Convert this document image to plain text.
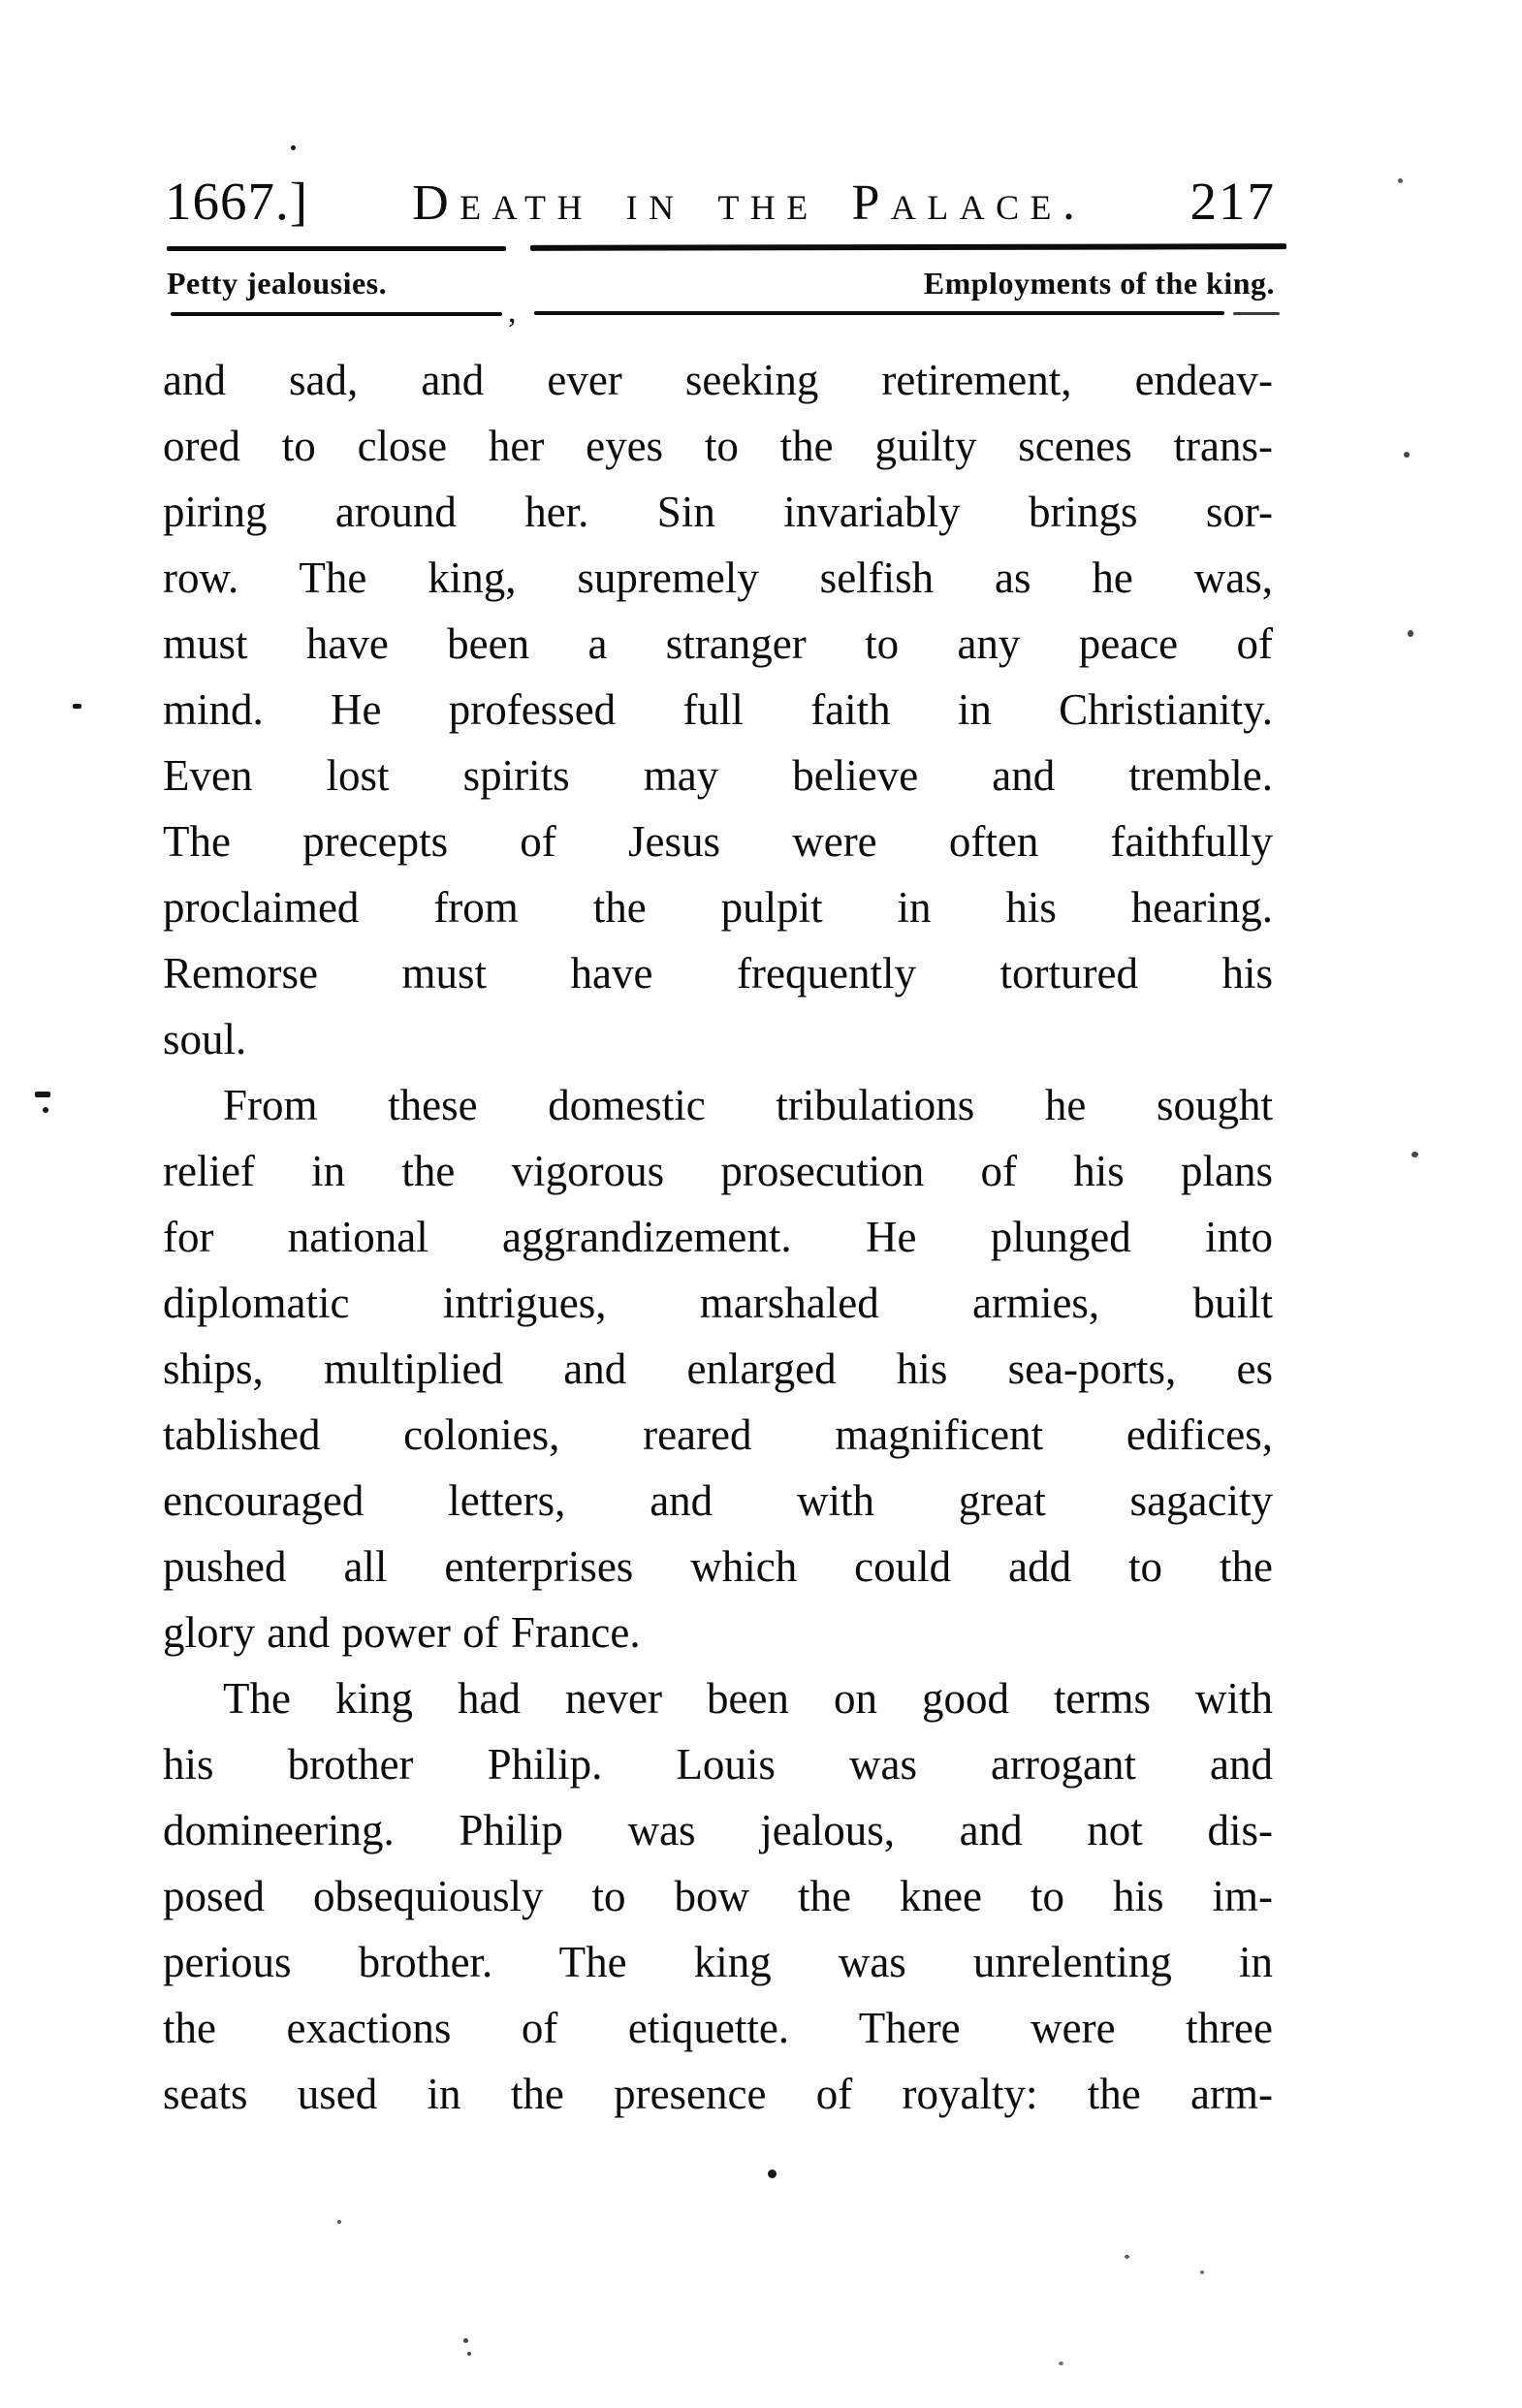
1667.] Death in the Palace. 217
Petty jealousies.	Employments of the king.
,
and sad, and ever seeking retirement, endeav-
ored to close her eyes to the guilty scenes trans-
piring around her. Sin invariably brings sor-
row. The king, supremely selfish as he was,
must have been a stranger to any peace of
mind. He professed full faith in Christianity.
Even lost spirits may believe and tremble.
The precepts of Jesus were often faithfully
proclaimed from the pulpit in his hearing.
Remorse must have frequently tortured his
soul.
From these domestic tribulations he sought
relief in the vigorous prosecution of his plans
for national aggrandizement. He plunged into
diplomatic intrigues, marshaled armies, built
ships, multiplied and enlarged his sea-ports, es
tablished colonies, reared magnificent edifices,
encouraged letters, and with great sagacity
pushed all enterprises which could add to the
glory and power of France.
The king had never been on good terms with
his brother Philip. Louis was arrogant and
domineering. Philip was jealous, and not dis-
posed obsequiously to bow the knee to his im-
perious brother. The king was unrelenting in
the exactions of etiquette. There were three
seats used in the presence of royalty: the arm-
